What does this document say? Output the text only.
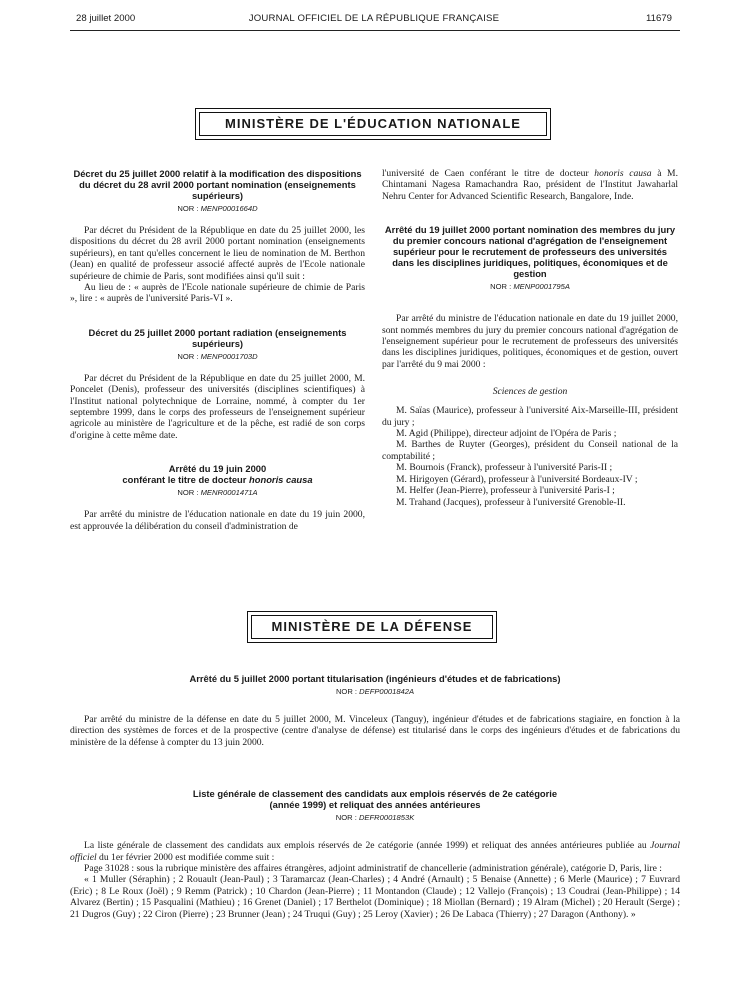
28 juillet 2000	JOURNAL OFFICIEL DE LA RÉPUBLIQUE FRANÇAISE	11679
MINISTÈRE DE L'ÉDUCATION NATIONALE

Décret du 25 juillet 2000 relatif à la modification des dispositions du décret du 28 avril 2000 portant nomination (enseignements supérieurs)

NOR : MENP0001664D

Par décret du Président de la République en date du 25 juillet 2000, les dispositions du décret du 28 avril 2000 portant nomination (enseignements supérieurs), en tant qu'elles concernent le lieu de nomination de M. Berthon (Jean) en qualité de professeur associé affecté auprès de l'Ecole nationale supérieure de chimie de Paris, sont modifiées ainsi qu'il suit :

Au lieu de : « auprès de l'Ecole nationale supérieure de chimie de Paris », lire : « auprès de l'université Paris-VI ».

Décret du 25 juillet 2000 portant radiation (enseignements supérieurs)

NOR : MENP0001703D

Par décret du Président de la République en date du 25 juillet 2000, M. Poncelet (Denis), professeur des universités (disciplines scientifiques) à l'Institut national polytechnique de Lorraine, nommé, à compter du 1er septembre 1999, dans le corps des professeurs de l'enseignement supérieur agricole au ministère de l'agriculture et de la pêche, est radié de son corps d'origine à cette même date.

Arrêté du 19 juin 2000
conférant le titre de docteur honoris causa

NOR : MENR0001471A

Par arrêté du ministre de l'éducation nationale en date du 19 juin 2000, est approuvée la délibération du conseil d'administration de

l'université de Caen conférant le titre de docteur honoris causa à M. Chintamani Nagesa Ramachandra Rao, président de l'Institut Jawaharlal Nehru Center for Advanced Scientific Research, Bangalore, Inde.

Arrêté du 19 juillet 2000 portant nomination des membres du jury du premier concours national d'agrégation de l'enseignement supérieur pour le recrutement de professeurs des universités dans les disciplines juridiques, politiques, économiques et de gestion

NOR : MENP0001795A

Par arrêté du ministre de l'éducation nationale en date du 19 juillet 2000, sont nommés membres du jury du premier concours national d'agrégation de l'enseignement supérieur pour le recrutement de professeurs des universités dans les disciplines juridiques, politiques, économiques et de gestion, ouvert par l'arrêté du 9 mai 2000 :

Sciences de gestion

M. Saïas (Maurice), professeur à l'université Aix-Marseille-III, président du jury ;

M. Agid (Philippe), directeur adjoint de l'Opéra de Paris ;

M. Barthes de Ruyter (Georges), président du Conseil national de la comptabilité ;

M. Bournois (Franck), professeur à l'université Paris-II ;

M. Hirigoyen (Gérard), professeur à l'université Bordeaux-IV ;

M. Helfer (Jean-Pierre), professeur à l'université Paris-I ;

M. Trahand (Jacques), professeur à l'université Grenoble-II.

MINISTÈRE DE LA DÉFENSE

Arrêté du 5 juillet 2000 portant titularisation (ingénieurs d'études et de fabrications)

NOR : DEFP0001842A

Par arrêté du ministre de la défense en date du 5 juillet 2000, M. Vinceleux (Tanguy), ingénieur d'études et de fabrications stagiaire, en fonction à la direction des systèmes de forces et de la prospective (centre d'analyse de défense) est titularisé dans le corps des ingénieurs d'études et de fabrications du ministère de la défense à compter du 13 juin 2000.

Liste générale de classement des candidats aux emplois réservés de 2e catégorie
(année 1999) et reliquat des années antérieures

NOR : DEFR0001853K

La liste générale de classement des candidats aux emplois réservés de 2e catégorie (année 1999) et reliquat des années antérieures publiée au Journal officiel du 1er février 2000 est modifiée comme suit :

Page 31028 : sous la rubrique ministère des affaires étrangères, adjoint administratif de chancellerie (administration générale), catégorie D, Paris, lire :

« 1 Muller (Séraphin) ; 2 Rouault (Jean-Paul) ; 3 Taramarcaz (Jean-Charles) ; 4 André (Arnault) ; 5 Benaise (Annette) ; 6 Merle (Maurice) ; 7 Euvrard (Eric) ; 8 Le Roux (Joël) ; 9 Remm (Patrick) ; 10 Chardon (Jean-Pierre) ; 11 Montandon (Claude) ; 12 Vallejo (François) ; 13 Coudrai (Jean-Philippe) ; 14 Alvarez (Bertin) ; 15 Pasqualini (Mathieu) ; 16 Grenet (Daniel) ; 17 Berthelot (Dominique) ; 18 Miollan (Bernard) ; 19 Alram (Michel) ; 20 Herault (Serge) ; 21 Dugros (Guy) ; 22 Ciron (Pierre) ; 23 Brunner (Jean) ; 24 Truqui (Guy) ; 25 Leroy (Xavier) ; 26 De Labaca (Thierry) ; 27 Daragon (Anthony). »
